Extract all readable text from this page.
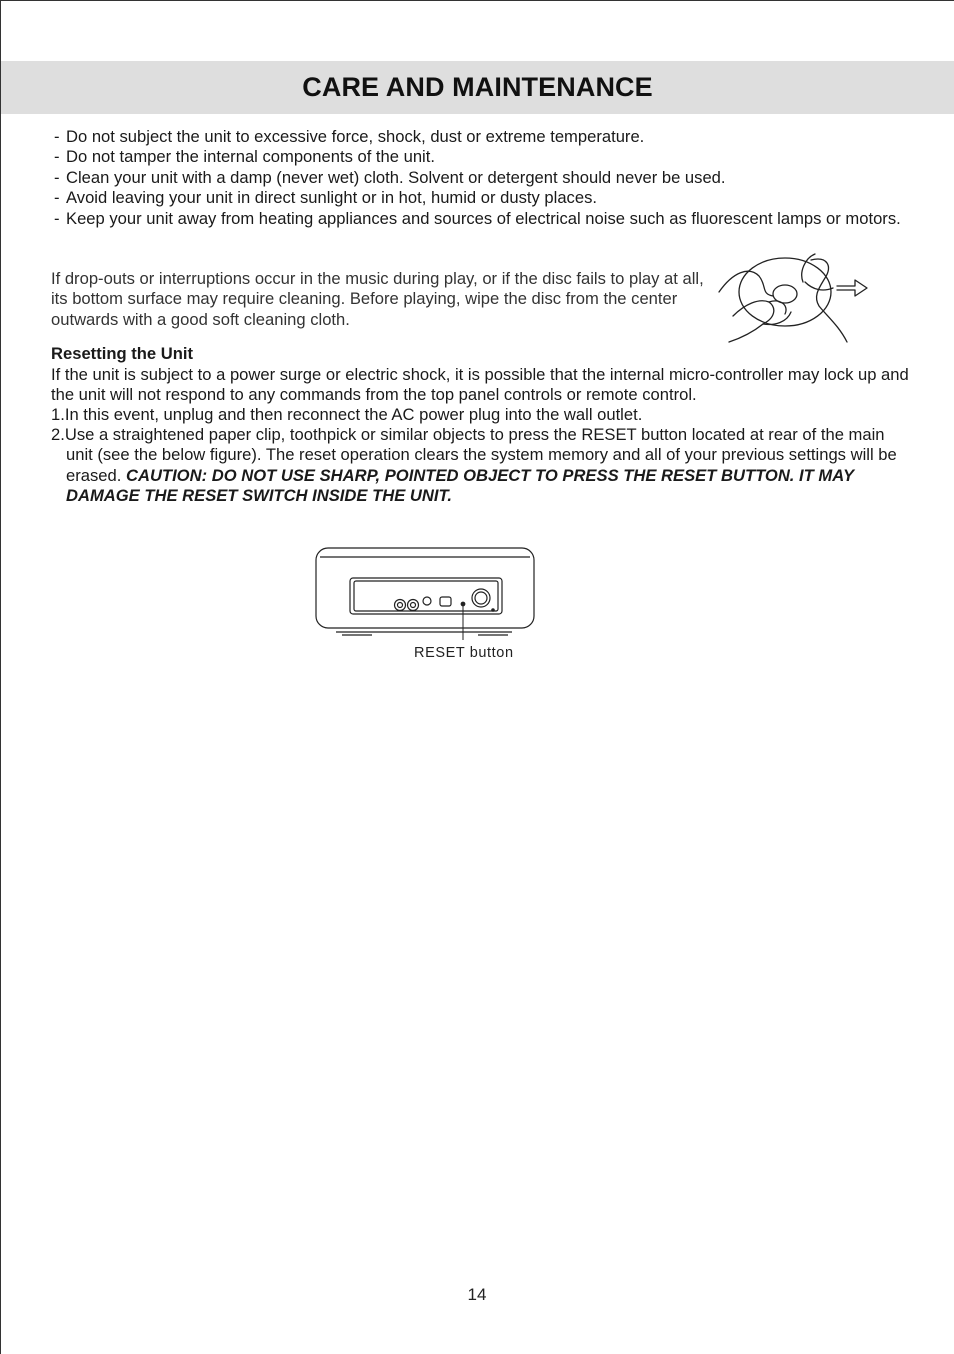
CARE AND MAINTENANCE
- Do not subject the unit to excessive force, shock, dust or extreme temperature.
- Do not tamper the internal components of the unit.
- Clean your unit with a damp (never wet) cloth. Solvent or detergent should never be used.
- Avoid leaving your unit in direct sunlight or in hot, humid or dusty places.
- Keep your unit away from heating appliances and sources of electrical noise such as fluorescent lamps or motors.

If drop-outs or interruptions occur in the music during play, or if the disc fails to play at all, its bottom surface may require cleaning. Before playing, wipe the disc from the center outwards with a good soft cleaning cloth.

Resetting the Unit

If the unit is subject to a power surge or electric shock, it is possible that the internal micro-controller may lock up and the unit will not respond to any commands from the top panel controls or remote control.

1.In this event, unplug and then reconnect the AC power plug into the wall outlet.

2.Use a straightened paper clip, toothpick or similar objects to press the RESET button located at rear of the main unit (see the below figure). The reset operation clears the system memory and all of your previous settings will be erased. CAUTION: DO NOT USE SHARP, POINTED OBJECT TO PRESS THE RESET BUTTON. IT MAY DAMAGE THE RESET SWITCH INSIDE THE UNIT.

RESET button
14
